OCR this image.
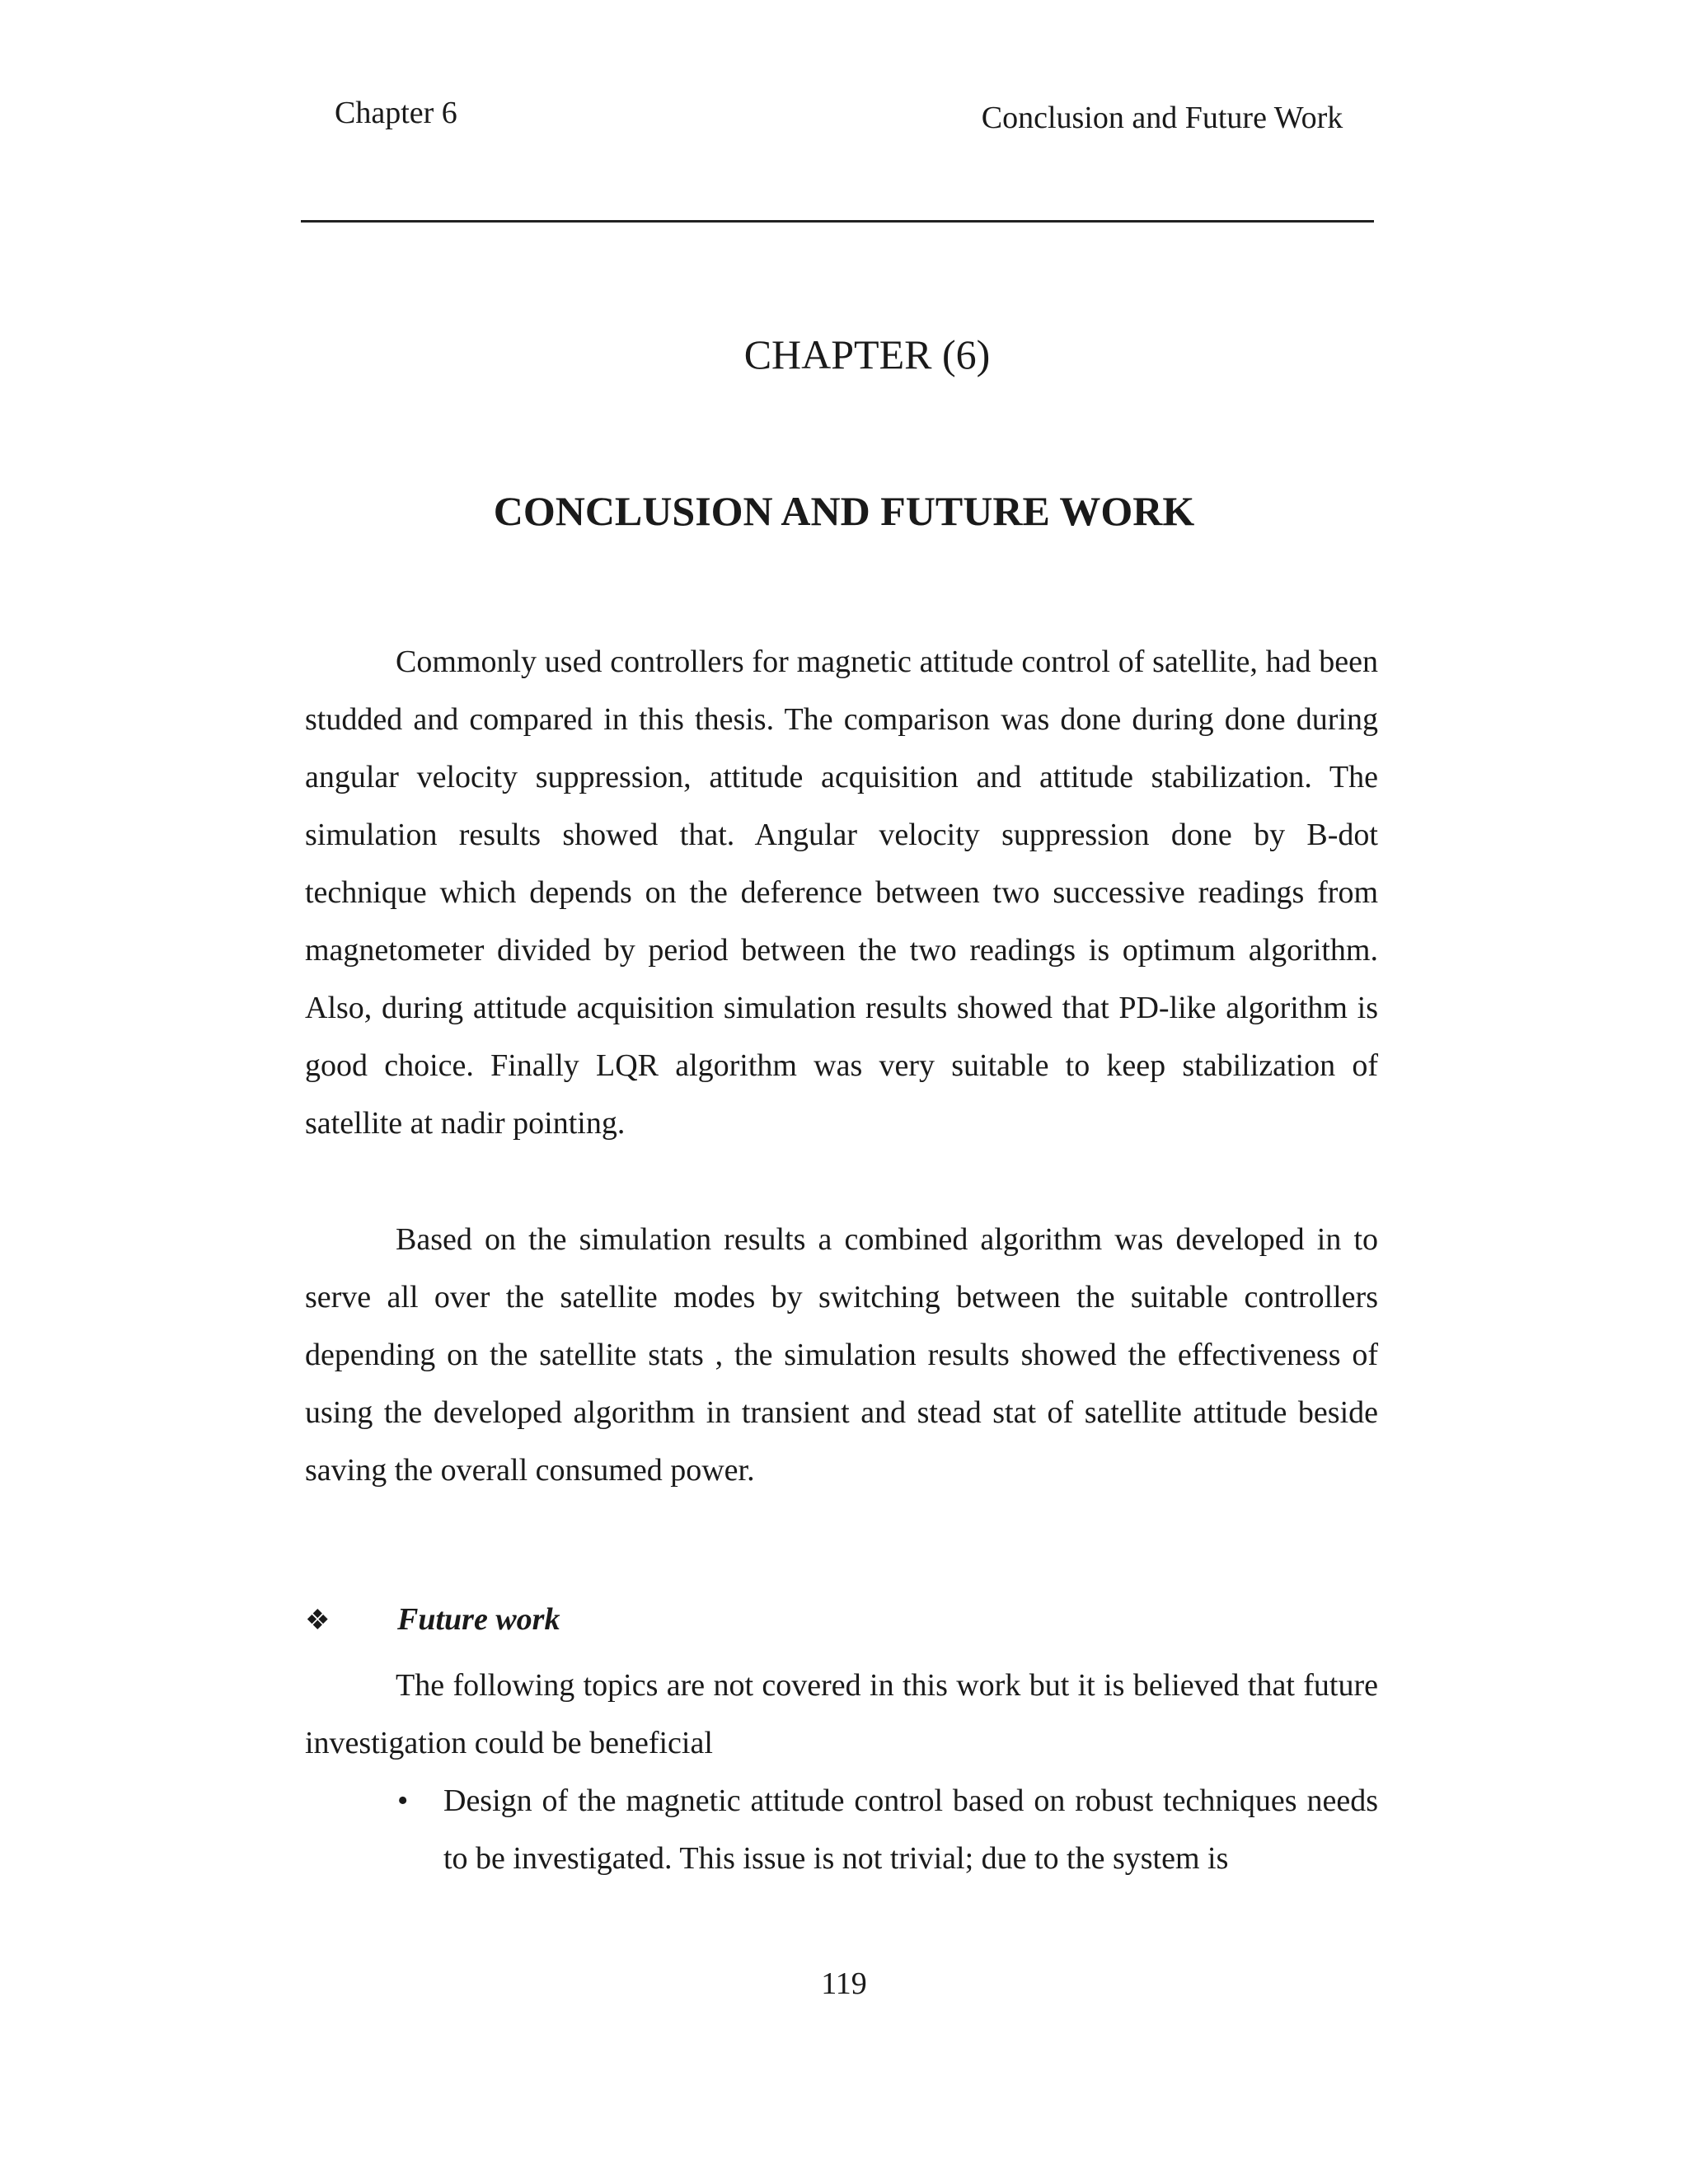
Chapter 6	Conclusion and Future Work
CHAPTER (6)
CONCLUSION AND FUTURE WORK

Commonly used controllers for magnetic attitude control of satellite, had been studded and compared in this thesis. The comparison was done during done during angular velocity suppression, attitude acquisition and attitude stabilization. The simulation results showed that. Angular velocity suppression done by B-dot technique which depends on the deference between two successive readings from magnetometer divided by period between the two readings is optimum algorithm. Also, during attitude acquisition simulation results showed that PD-like algorithm is good choice. Finally LQR algorithm was very suitable to keep stabilization of satellite at nadir pointing.

Based on the simulation results a combined algorithm was developed in to serve all over the satellite modes by switching between the suitable controllers depending on the satellite stats , the simulation results showed the effectiveness of using the developed algorithm in transient and stead stat of satellite attitude beside saving the overall consumed power.

❖ Future work

The following topics are not covered in this work but it is believed that future investigation could be beneficial

• Design of the magnetic attitude control based on robust techniques needs to be investigated. This issue is not trivial; due to the system is
119
